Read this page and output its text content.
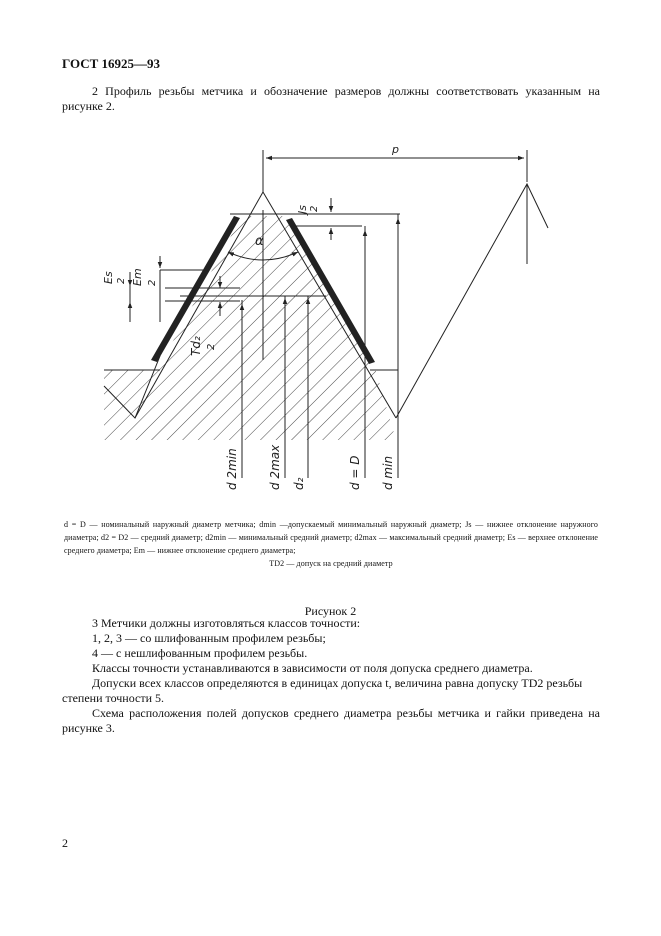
ГОСТ 16925—93
2 Профиль резьбы метчика и обозначение размеров должны соответствовать указанным на рисунке 2.
p
α
Js 2
Es 2 Em 2
Td₂ 2
d 2min d 2max d₂	d = D d min
d = D — номинальный наружный диаметр метчика; dmin —допускаемый минимальный наружный диаметр; Js — нижнее отклонение наружного диаметра; d2 = D2 — средний диаметр; d2min — минимальный средний диаметр; d2max — максимальный средний диаметр; Es — верхнее отклонение среднего диаметра; Em — нижнее отклонение среднего диаметра;
TD2 — допуск на средний диаметр
Рисунок 2
3 Метчики должны изготовляться классов точности:
1, 2, 3 — со шлифованным профилем резьбы;
4 — с нешлифованным профилем резьбы.
Классы точности устанавливаются в зависимости от поля допуска среднего диаметра.
Допуски всех классов определяются в единицах допуска t, величина равна допуску TD2 резьбы
степени точности 5.
Схема расположения полей допусков среднего диаметра резьбы метчика и гайки приведена на рисунке 3.
2
